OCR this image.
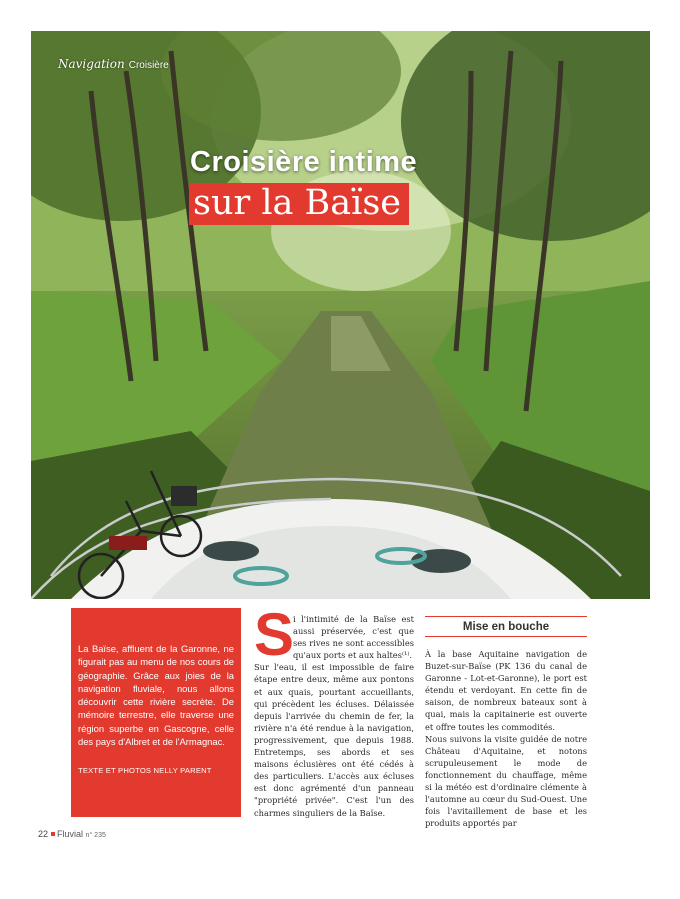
Navigation Croisière
Croisière intime
sur la Baïse

La Baïse, affluent de la Garonne, ne figurait pas au menu de nos cours de géographie. Grâce aux joies de la navigation fluviale, nous allons découvrir cette rivière secrète. De mémoire terrestre, elle traverse une région superbe en Gascogne, celle des pays d'Albret et de l'Armagnac.

TEXTE ET PHOTOS NELLY PARENT

S

i l'intimité de la Baïse est aussi préservée, c'est que ses rives ne sont accessibles qu'aux ports et aux haltes⁽¹⁾.

Sur l'eau, il est impossible de faire étape entre deux, même aux pontons et aux quais, pourtant accueillants, qui précèdent les écluses. Délaissée depuis l'arrivée du chemin de fer, la rivière n'a été rendue à la navigation, progressivement, que depuis 1988. Entretemps, ses abords et ses maisons éclusières ont été cédés à des particuliers. L'accès aux écluses est donc agrémenté d'un panneau "propriété privée". C'est l'un des charmes singuliers de la Baïse.

Mise en bouche

À la base Aquitaine navigation de Buzet-sur-Baïse (PK 136 du canal de Garonne - Lot-et-Garonne), le port est étendu et verdoyant. En cette fin de saison, de nombreux bateaux sont à quai, mais la capitainerie est ouverte et offre toutes les commodités.

Nous suivons la visite guidée de notre Château d'Aquitaine, et notons scrupuleusement le mode de fonctionnement du chauffage, même si la météo est d'ordinaire clémente à l'automne au cœur du Sud-Ouest. Une fois l'avitaillement de base et les produits apportés par

22 Fluvial n° 235
